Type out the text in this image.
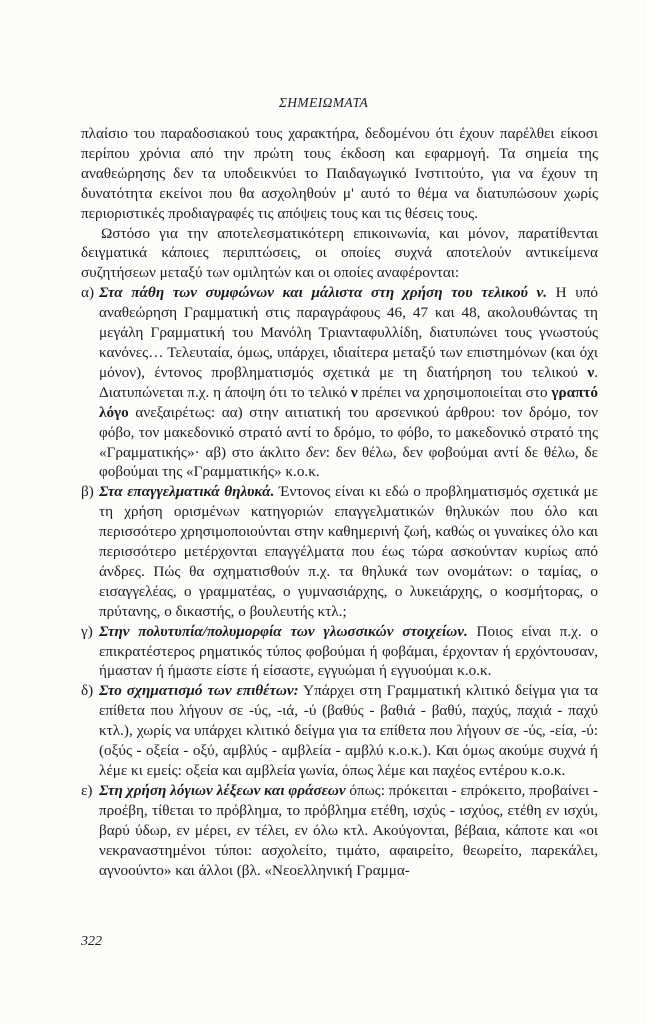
ΣΗΜΕΙΩΜΑΤΑ

πλαίσιο του παραδοσιακού τους χαρακτήρα, δεδομένου ότι έχουν παρέλθει είκοσι περίπου χρόνια από την πρώτη τους έκδοση και εφαρμογή. Τα σημεία της αναθεώρησης δεν τα υποδεικνύει το Παιδαγωγικό Ινστιτούτο, για να έχουν τη δυνατότητα εκείνοι που θα ασχοληθούν μ' αυτό το θέμα να διατυπώσουν χωρίς περιοριστικές προδιαγραφές τις απόψεις τους και τις θέσεις τους.

Ωστόσο για την αποτελεσματικότερη επικοινωνία, και μόνον, παρατίθενται δειγματικά κάποιες περιπτώσεις, οι οποίες συχνά αποτελούν αντικείμενα συζητήσεων μεταξύ των ομιλητών και οι οποίες αναφέρονται:

α) Στα πάθη των συμφώνων και μάλιστα στη χρήση του τελικού ν. Η υπό αναθεώρηση Γραμματική στις παραγράφους 46, 47 και 48, ακολουθώντας τη μεγάλη Γραμματική του Μανόλη Τριανταφυλλίδη, διατυπώνει τους γνωστούς κανόνες… Τελευταία, όμως, υπάρχει, ιδιαίτερα μεταξύ των επιστημόνων (και όχι μόνον), έντονος προβληματισμός σχετικά με τη διατήρηση του τελικού ν. Διατυπώνεται π.χ. η άποψη ότι το τελικό ν πρέπει να χρησιμοποιείται στο γραπτό λόγο ανεξαιρέτως: αα) στην αιτιατική του αρσενικού άρθρου: τον δρόμο, τον φόβο, τον μακεδονικό στρατό αντί το δρόμο, το φόβο, το μακεδονικό στρατό της «Γραμματικής»· αβ) στο άκλιτο δεν: δεν θέλω, δεν φοβούμαι αντί δε θέλω, δε φοβούμαι της «Γραμματικής» κ.ο.κ.

β) Στα επαγγελματικά θηλυκά. Έντονος είναι κι εδώ ο προβληματισμός σχετικά με τη χρήση ορισμένων κατηγοριών επαγγελματικών θηλυκών που όλο και περισσότερο χρησιμοποιούνται στην καθημερινή ζωή, καθώς οι γυναίκες όλο και περισσότερο μετέρχονται επαγγέλματα που έως τώρα ασκούνταν κυρίως από άνδρες. Πώς θα σχηματισθούν π.χ. τα θηλυκά των ονομάτων: ο ταμίας, ο εισαγγελέας, ο γραμματέας, ο γυμνασιάρχης, ο λυκειάρχης, ο κοσμήτορας, ο πρύτανης, ο δικαστής, ο βουλευτής κτλ.;

γ) Στην πολυτυπία/πολυμορφία των γλωσσικών στοιχείων. Ποιος είναι π.χ. ο επικρατέστερος ρηματικός τύπος φοβούμαι ή φοβάμαι, έρχονταν ή ερχόντουσαν, ήμασταν ή ήμαστε είστε ή είσαστε, εγγυώμαι ή εγγυούμαι κ.ο.κ.

δ) Στο σχηματισμό των επιθέτων: Υπάρχει στη Γραμματική κλιτικό δείγμα για τα επίθετα που λήγουν σε -ύς, -ιά, -ύ (βαθύς - βαθιά - βαθύ, παχύς, παχιά - παχύ κτλ.), χωρίς να υπάρχει κλιτικό δείγμα για τα επίθετα που λήγουν σε -ύς, -εία, -ύ: (οξύς - οξεία - οξύ, αμβλύς - αμβλεία - αμβλύ κ.ο.κ.). Και όμως ακούμε συχνά ή λέμε κι εμείς: οξεία και αμβλεία γωνία, όπως λέμε και παχέος εντέρου κ.ο.κ.

ε) Στη χρήση λόγιων λέξεων και φράσεων όπως: πρόκειται - επρόκειτο, προβαίνει - προέβη, τίθεται το πρόβλημα, το πρόβλημα ετέθη, ισχύς - ισχύος, ετέθη εν ισχύι, βαρύ ύδωρ, εν μέρει, εν τέλει, εν όλω κτλ. Ακούγονται, βέβαια, κάποτε και «οι νεκραναστημένοι τύποι: ασχολείτο, τιμάτο, αφαιρείτο, θεωρείτο, παρεκάλει, αγνοούντο» και άλλοι (βλ. «Νεοελληνική Γραμμα-

322
